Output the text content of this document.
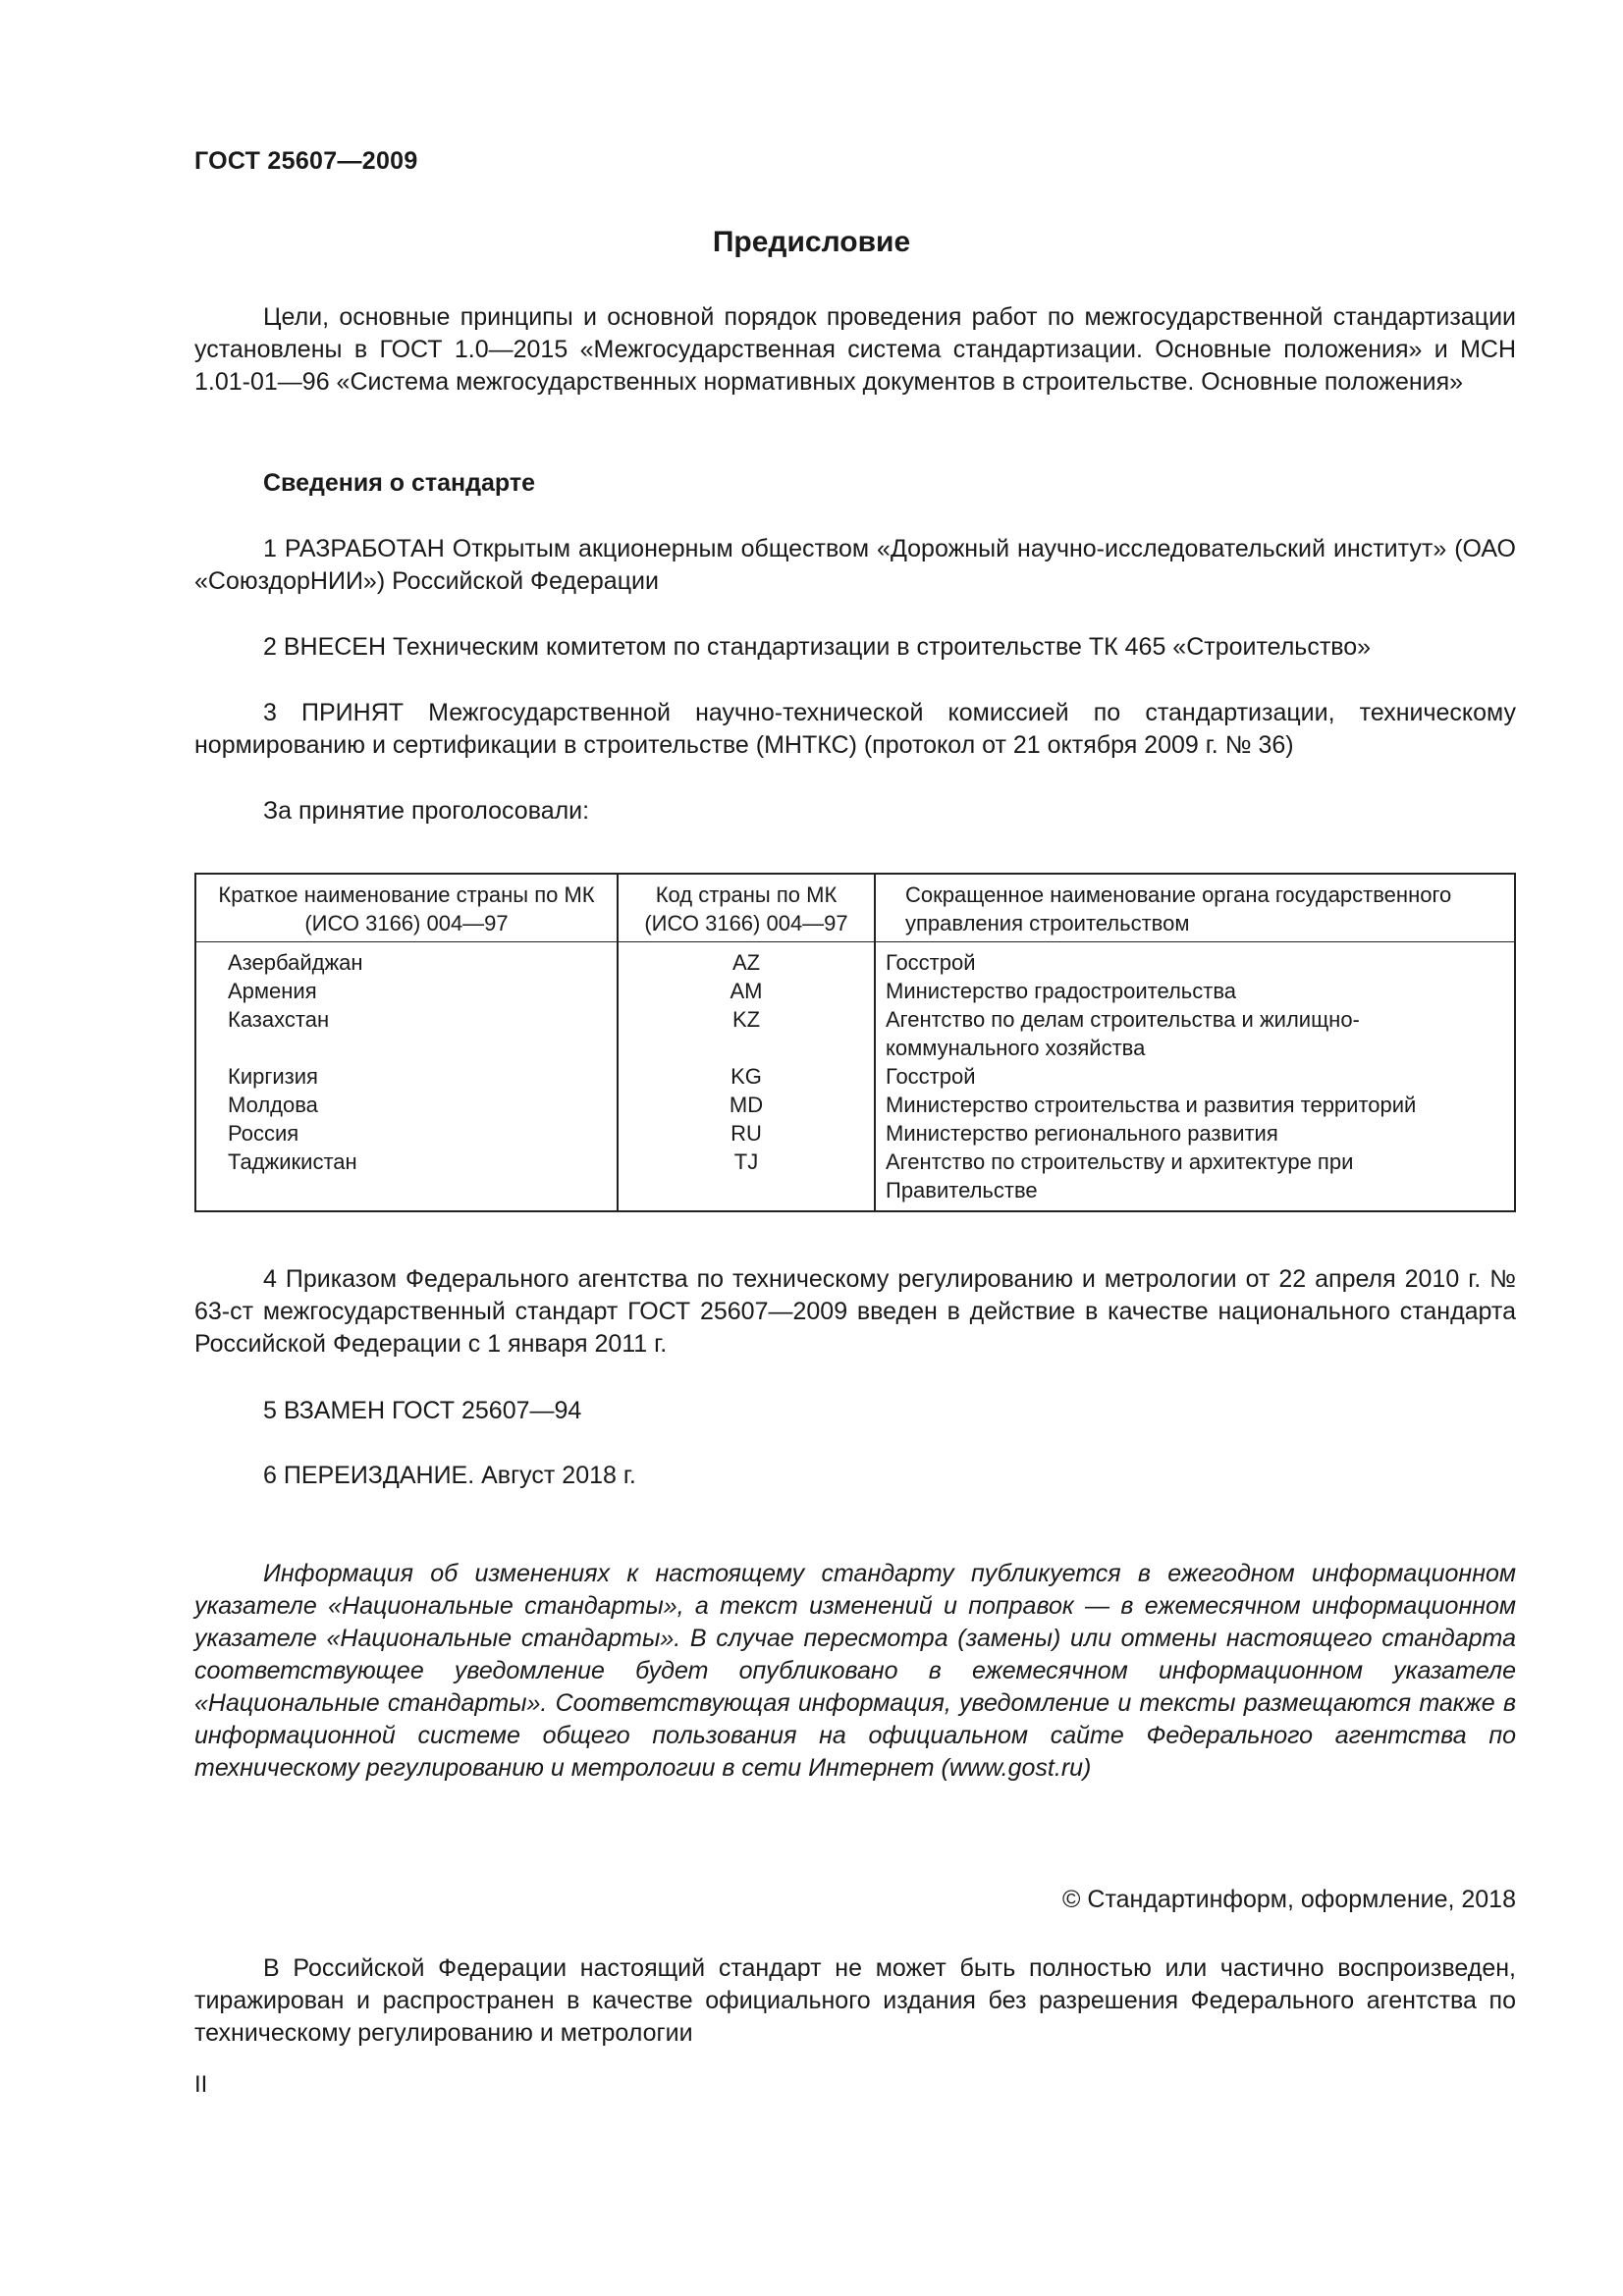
ГОСТ 25607—2009
Предисловие

Цели, основные принципы и основной порядок проведения работ по межгосударственной стандартизации установлены в ГОСТ 1.0—2015 «Межгосударственная система стандартизации. Основные положения» и МСН 1.01-01—96 «Система межгосударственных нормативных документов в строительстве. Основные положения»

Сведения о стандарте

1 РАЗРАБОТАН Открытым акционерным обществом «Дорожный научно-исследовательский институт» (ОАО «СоюздорНИИ») Российской Федерации

2 ВНЕСЕН Техническим комитетом по стандартизации в строительстве ТК 465 «Строительство»

3 ПРИНЯТ Межгосударственной научно-технической комиссией по стандартизации, техническому нормированию и сертификации в строительстве (МНТКС) (протокол от 21 октября 2009 г. № 36)

За принятие проголосовали:

Краткое наименование страны по МК (ИСО 3166) 004—97	Код страны по МК (ИСО 3166) 004—97	Сокращенное наименование органа государственного управления строительством
Азербайджан	AZ	Госстрой
Армения	AM	Министерство градостроительства
Казахстан	KZ	Агентство по делам строительства и жилищно-коммунального хозяйства
Киргизия	KG	Госстрой
Молдова	MD	Министерство строительства и развития территорий
Россия	RU	Министерство регионального развития
Таджикистан	TJ	Агентство по строительству и архитектуре при Правительстве

4 Приказом Федерального агентства по техническому регулированию и метрологии от 22 апреля 2010 г. № 63-ст межгосударственный стандарт ГОСТ 25607—2009 введен в действие в качестве национального стандарта Российской Федерации с 1 января 2011 г.

5 ВЗАМЕН ГОСТ 25607—94

6 ПЕРЕИЗДАНИЕ. Август 2018 г.

Информация об изменениях к настоящему стандарту публикуется в ежегодном информационном указателе «Национальные стандарты», а текст изменений и поправок — в ежемесячном информационном указателе «Национальные стандарты». В случае пересмотра (замены) или отмены настоящего стандарта соответствующее уведомление будет опубликовано в ежемесячном информационном указателе «Национальные стандарты». Соответствующая информация, уведомление и тексты размещаются также в информационной системе общего пользования на официальном сайте Федерального агентства по техническому регулированию и метрологии в сети Интернет (www.gost.ru)

© Стандартинформ, оформление, 2018

В Российской Федерации настоящий стандарт не может быть полностью или частично воспроизведен, тиражирован и распространен в качестве официального издания без разрешения Федерального агентства по техническому регулированию и метрологии

II
